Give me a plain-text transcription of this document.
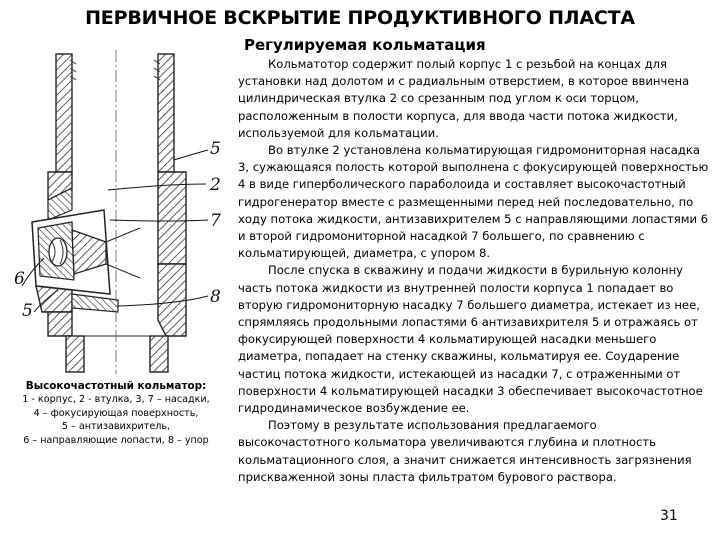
ПЕРВИЧНОЕ ВСКРЫТИЕ ПРОДУКТИВНОГО ПЛАСТА
Регулируемая кольматация
5
2
7
6
5
8
Высокочастотный кольматор:
1 - корпус, 2 - втулка, 3, 7 – насадки,
4 – фокусирующая поверхность,
5 – антизавихритель,
6 – направляющие лопасти, 8 – упор

Кольматотор содержит полый корпус 1 с резьбой на концах для установки над долотом и с радиальным отверстием, в которое ввинчена цилиндрическая втулка 2 со срезанным под углом к оси торцом, расположенным в полости корпуса, для ввода части потока жидкости, используемой для кольматации.

Во втулке 2 установлена кольматирующая гидромониторная насадка 3, сужающаяся полость которой выполнена с фокусирующей поверхностью 4 в виде гиперболического параболоида и составляет высокочастотный гидрогенератор вместе с размещенными перед ней последовательно, по ходу потока жидкости, антизавихрителем 5 с направляющими лопастями 6 и второй гидромониторной насадкой 7 большего, по сравнению с кольматирующей, диаметра, с упором 8.

После спуска в скважину и подачи жидкости в бурильную колонну часть потока жидкости из внутренней полости корпуса 1 попадает во вторую гидромониторную насадку 7 большего диаметра, истекает из нее, спрямляясь продольными лопастями 6 антизавихрителя 5 и отражаясь от фокусирующей поверхности 4 кольматирующей насадки меньшего диаметра, попадает на стенку скважины, кольматируя ее. Соударение частиц потока жидкости, истекающей из насадки 7, с отраженными от поверхности 4 кольматирующей насадки 3 обеспечивает высокочастотное гидродинамическое возбуждение ее.

Поэтому в результате использования предлагаемого высокочастотного кольматора увеличиваются глубина и плотность кольматационного слоя, а значит снижается интенсивность загрязнения прискваженной зоны пласта фильтратом бурового раствора.

31
